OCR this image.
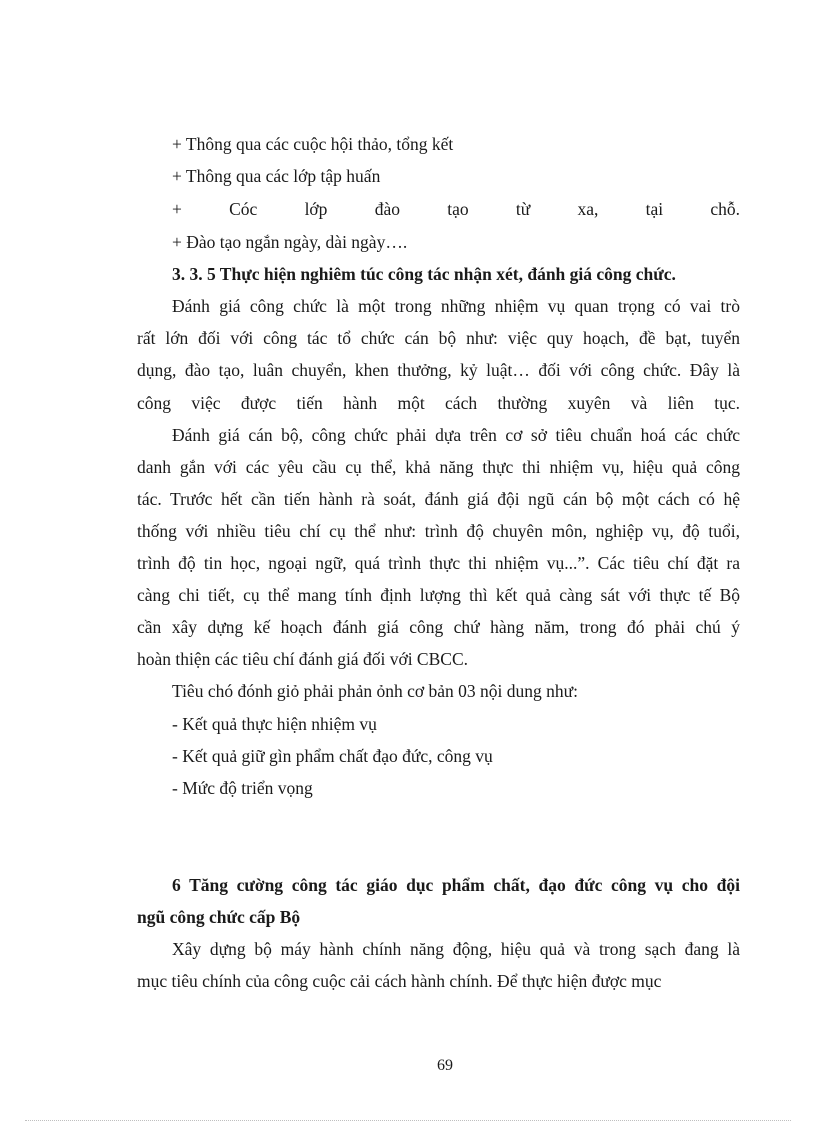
+ Thông qua các cuộc hội thảo, tổng kết
+ Thông qua các lớp tập huấn
+ Cóc lớp đào tạo từ xa, tại chỗ.
+ Đào tạo ngắn ngày, dài ngày….
3. 3. 5 Thực hiện nghiêm túc công tác nhận xét, đánh giá công chức.
Đánh giá công chức là một trong những nhiệm vụ quan trọng có vai trò
rất lớn đối với công tác tổ chức cán bộ như: việc quy hoạch, đề bạt, tuyển
dụng, đào tạo, luân chuyển, khen thưởng, kỷ luật… đối với công chức. Đây là
công việc được tiến hành một cách thường xuyên và liên tục.
Đánh giá cán bộ, công chức phải dựa trên cơ sở tiêu chuẩn hoá các chức
danh gắn với các yêu cầu cụ thể, khả năng thực thi nhiệm vụ, hiệu quả công
tác. Trước hết cần tiến hành rà soát, đánh giá đội ngũ cán bộ một cách có hệ
thống với nhiều tiêu chí cụ thể như: trình độ chuyên môn, nghiệp vụ, độ tuổi,
trình độ tin học, ngoại ngữ, quá trình thực thi nhiệm vụ...”. Các tiêu chí đặt ra
càng chi tiết, cụ thể mang tính định lượng thì kết quả càng sát với thực tế Bộ
cần xây dựng kế hoạch đánh giá công chứ hàng năm, trong đó phải chú ý
hoàn thiện các tiêu chí đánh giá đối với CBCC.
Tiêu chó đónh giỏ phải phản ỏnh cơ bản 03 nội dung như:
- Kết quả thực hiện nhiệm vụ
- Kết quả giữ gìn phẩm chất đạo đức, công vụ
- Mức độ triển vọng
6 Tăng cường công tác giáo dục phẩm chất, đạo đức công vụ cho đội
ngũ công chức cấp Bộ
Xây dựng bộ máy hành chính năng động, hiệu quả và trong sạch đang là
mục tiêu chính của công cuộc cải cách hành chính. Để thực hiện được mục
69
